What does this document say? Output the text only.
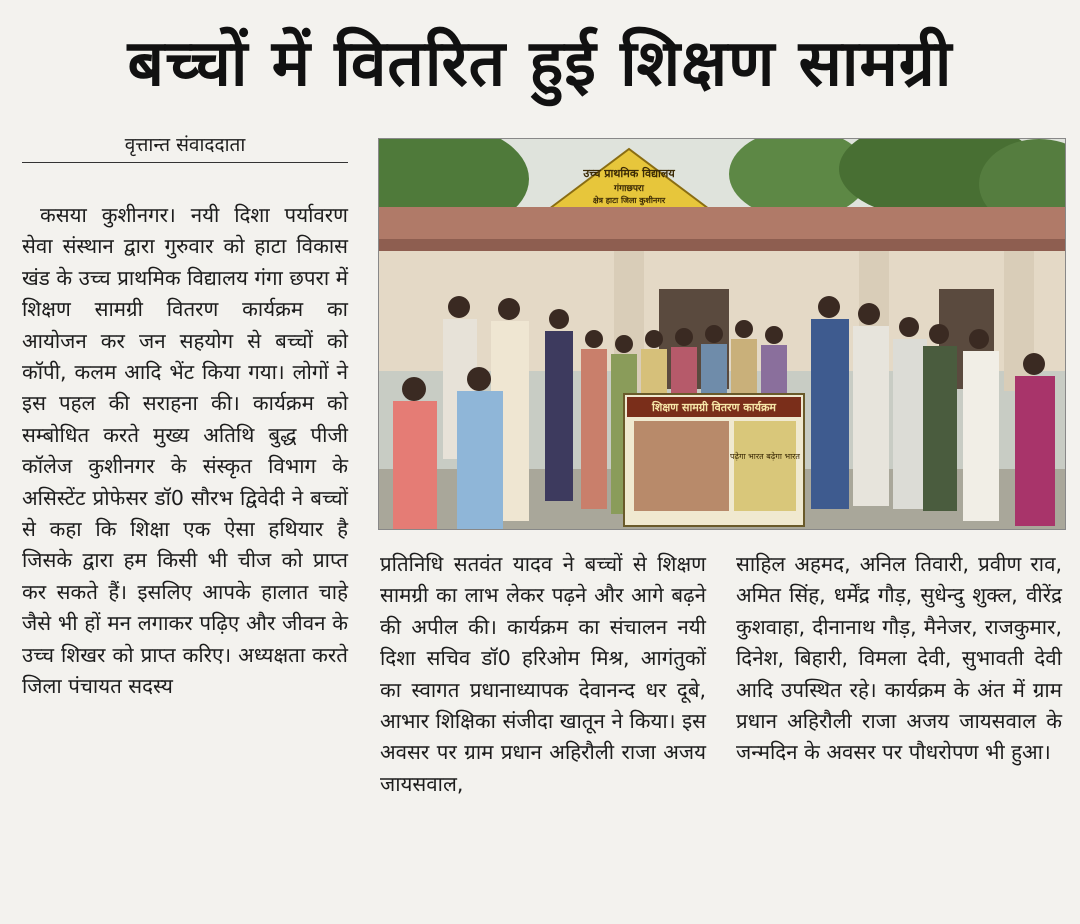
बच्चों में वितरित हुई शिक्षण सामग्री
वृत्तान्त संवाददाता
कसया कुशीनगर। नयी दिशा पर्यावरण सेवा संस्थान द्वारा गुरुवार को हाटा विकास खंड के उच्च प्राथमिक विद्यालय गंगा छपरा में शिक्षण सामग्री वितरण कार्यक्रम का आयोजन कर जन सहयोग से बच्चों को कॉपी, कलम आदि भेंट किया गया। लोगों ने इस पहल की सराहना की। कार्यक्रम को सम्बोधित करते मुख्य अतिथि बुद्ध पीजी कॉलेज कुशीनगर के संस्कृत विभाग के असिस्टेंट प्रोफेसर डॉ0 सौरभ द्विवेदी ने बच्चों से कहा कि शिक्षा एक ऐसा हथियार है जिसके द्वारा हम किसी भी चीज को प्राप्त कर सकते हैं। इसलिए आपके हालात चाहे जैसे भी हों मन लगाकर पढ़िए और जीवन के उच्च शिखर को प्राप्त करिए। अध्यक्षता करते जिला पंचायत सदस्य
उच्च प्राथमिक विद्यालय
गंगाछपरा
क्षेत्र हाटा जिला कुशीनगर
शिक्षण सामग्री वितरण कार्यक्रम
पढ़ेगा भारत बढ़ेगा भारत
प्रतिनिधि सतवंत यादव ने बच्चों से शिक्षण सामग्री का लाभ लेकर पढ़ने और आगे बढ़ने की अपील की। कार्यक्रम का संचालन नयी दिशा सचिव डॉ0 हरिओम मिश्र, आगंतुकों का स्वागत प्रधानाध्यापक देवानन्द धर दूबे, आभार शिक्षिका संजीदा खातून ने किया। इस अवसर पर ग्राम प्रधान अहिरौली राजा अजय जायसवाल,
साहिल अहमद, अनिल तिवारी, प्रवीण राव, अमित सिंह, धर्मेंद्र गौड़, सुधेन्दु शुक्ल, वीरेंद्र कुशवाहा, दीनानाथ गौड़, मैनेजर, राजकुमार, दिनेश, बिहारी, विमला देवी, सुभावती देवी आदि उपस्थित रहे। कार्यक्रम के अंत में ग्राम प्रधान अहिरौली राजा अजय जायसवाल के जन्मदिन के अवसर पर पौधरोपण भी हुआ।
